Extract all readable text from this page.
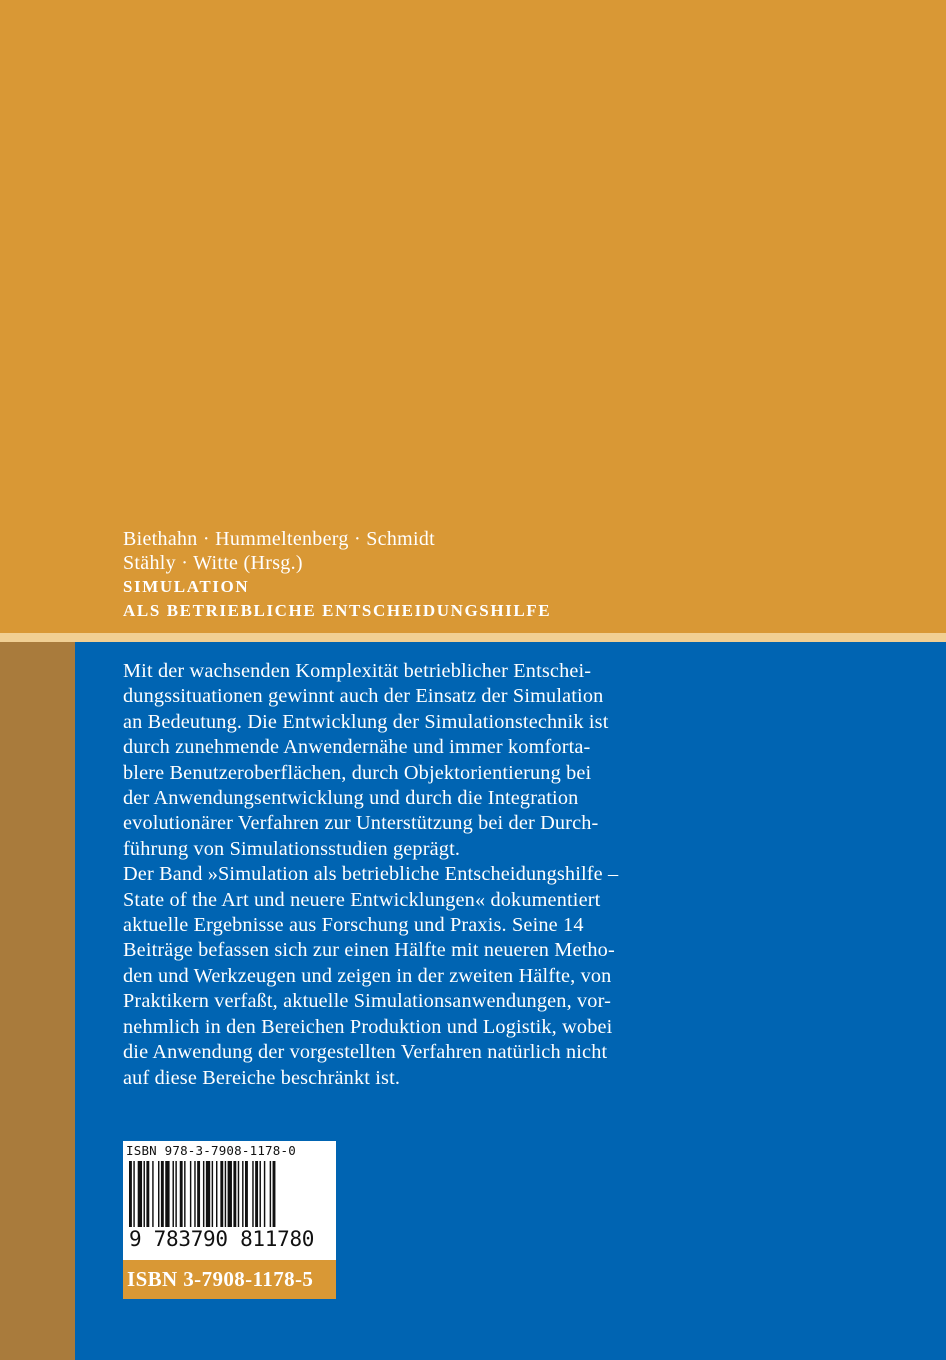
Biethahn · Hummeltenberg · Schmidt
Stähly · Witte (Hrsg.)
SIMULATION
ALS BETRIEBLICHE ENTSCHEIDUNGSHILFE
Mit der wachsenden Komplexität betrieblicher Entschei-
dungssituationen gewinnt auch der Einsatz der Simulation
an Bedeutung. Die Entwicklung der Simulationstechnik ist
durch zunehmende Anwendernähe und immer komforta-
blere Benutzeroberflächen, durch Objektorientierung bei
der Anwendungsentwicklung und durch die Integration
evolutionärer Verfahren zur Unterstützung bei der Durch-
führung von Simulationsstudien geprägt.
Der Band »Simulation als betriebliche Entscheidungshilfe –
State of the Art und neuere Entwicklungen« dokumentiert
aktuelle Ergebnisse aus Forschung und Praxis. Seine 14
Beiträge befassen sich zur einen Hälfte mit neueren Metho-
den und Werkzeugen und zeigen in der zweiten Hälfte, von
Praktikern verfaßt, aktuelle Simulationsanwendungen, vor-
nehmlich in den Bereichen Produktion und Logistik, wobei
die Anwendung der vorgestellten Verfahren natürlich nicht
auf diese Bereiche beschränkt ist.
ISBN 978-3-7908-1178-0
9 783790 811780
ISBN 3-7908-1178-5
